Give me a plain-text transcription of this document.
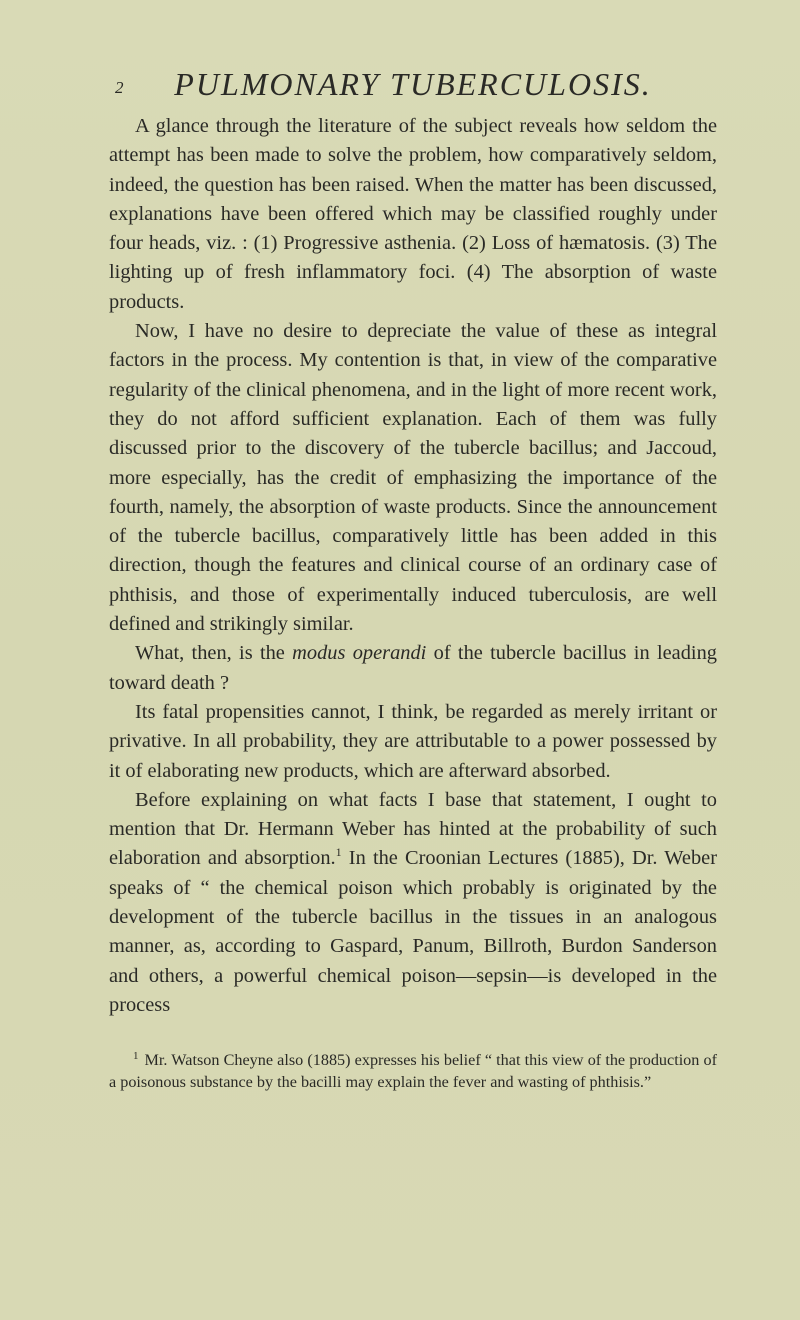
2	PULMONARY TUBERCULOSIS.

A glance through the literature of the subject reveals how seldom the attempt has been made to solve the problem, how comparatively seldom, indeed, the question has been raised. When the matter has been discussed, explanations have been offered which may be classified roughly under four heads, viz. : (1) Progressive asthenia. (2) Loss of hæmatosis. (3) The lighting up of fresh inflammatory foci. (4) The absorption of waste products.

Now, I have no desire to depreciate the value of these as integral factors in the process. My contention is that, in view of the comparative regularity of the clinical phenomena, and in the light of more recent work, they do not afford sufficient explanation. Each of them was fully discussed prior to the discovery of the tubercle bacillus; and Jaccoud, more especially, has the credit of emphasizing the importance of the fourth, namely, the absorption of waste products. Since the announcement of the tubercle bacillus, comparatively little has been added in this direction, though the features and clinical course of an ordinary case of phthisis, and those of experimentally induced tuberculosis, are well defined and strikingly similar.

What, then, is the modus operandi of the tubercle bacillus in leading toward death ?

Its fatal propensities cannot, I think, be regarded as merely irritant or privative. In all probability, they are attributable to a power possessed by it of elaborating new products, which are afterward absorbed.

Before explaining on what facts I base that statement, I ought to mention that Dr. Hermann Weber has hinted at the probability of such elaboration and absorption.$^1$ In the Croonian Lectures (1885), Dr. Weber speaks of “ the chemical poison which probably is originated by the development of the tubercle bacillus in the tissues in an analogous manner, as, according to Gaspard, Panum, Billroth, Burdon Sanderson and others, a powerful chemical poison—sepsin—is developed in the process

$^1$ Mr. Watson Cheyne also (1885) expresses his belief “ that this view of the production of a poisonous substance by the bacilli may explain the fever and wasting of phthisis.”
